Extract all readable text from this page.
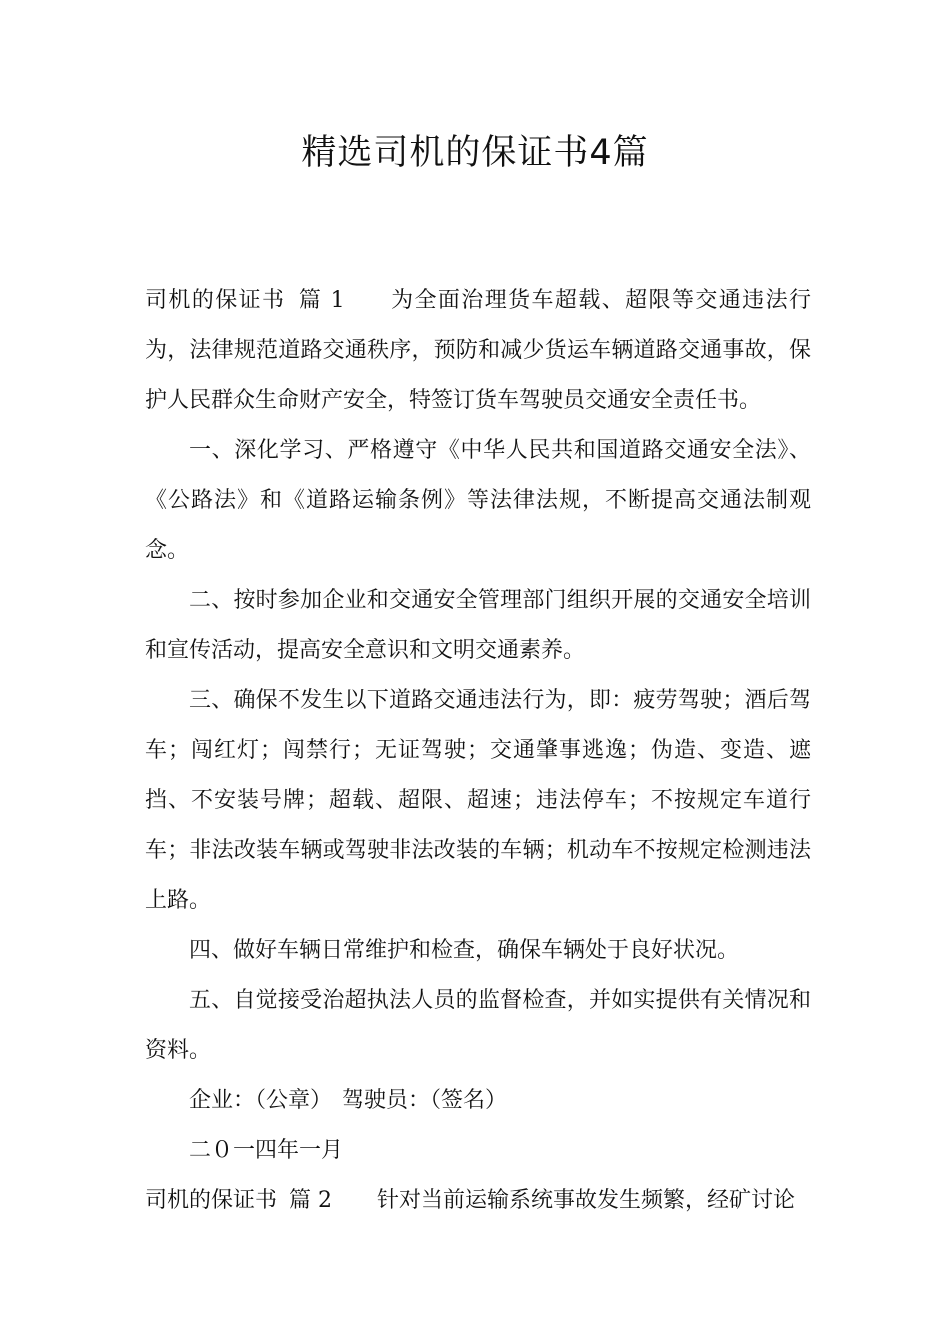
精选司机的保证书4篇

司机的保证书 篇 1 为全面治理货车超载、超限等交通违法行为，法律规范道路交通秩序，预防和减少货运车辆道路交通事故，保护人民群众生命财产安全，特签订货车驾驶员交通安全责任书。

一、深化学习、严格遵守《中华人民共和国道路交通安全法》、《公路法》和《道路运输条例》等法律法规，不断提高交通法制观念。

二、按时参加企业和交通安全管理部门组织开展的交通安全培训和宣传活动，提高安全意识和文明交通素养。

三、确保不发生以下道路交通违法行为，即：疲劳驾驶；酒后驾车；闯红灯；闯禁行；无证驾驶；交通肇事逃逸；伪造、变造、遮挡、不安装号牌；超载、超限、超速；违法停车；不按规定车道行车；非法改装车辆或驾驶非法改装的车辆；机动车不按规定检测违法上路。

四、做好车辆日常维护和检查，确保车辆处于良好状况。

五、自觉接受治超执法人员的监督检查，并如实提供有关情况和资料。

企业：（公章） 驾驶员：（签名）

二０一四年一月

司机的保证书 篇 2 针对当前运输系统事故发生频繁，经矿讨论
